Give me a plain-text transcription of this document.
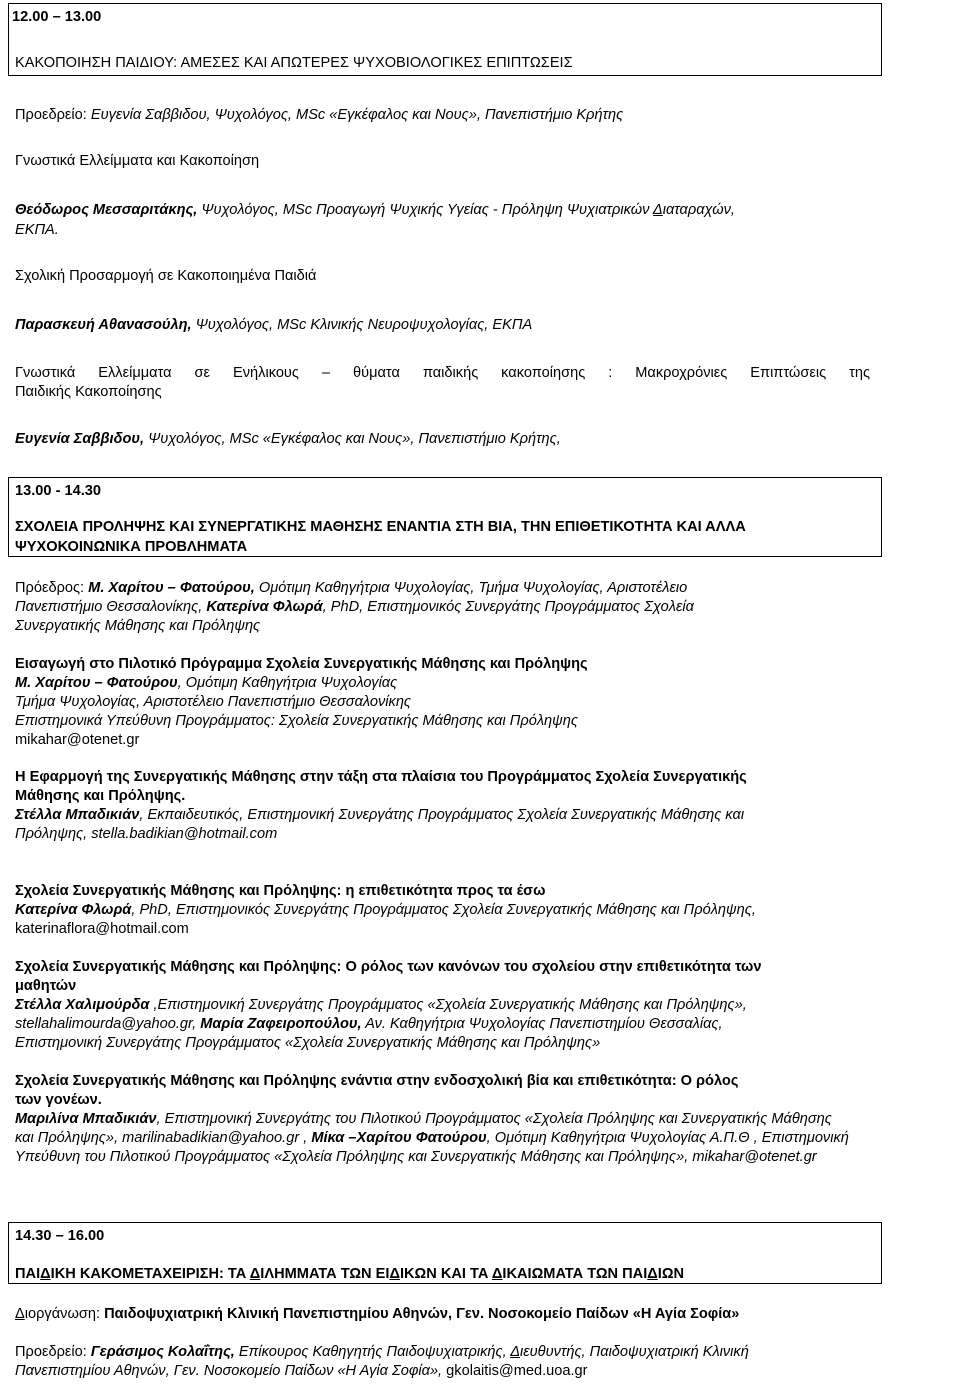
12.00 – 13.00
ΚΑΚΟΠΟΙΗΣΗ ΠΑΙΔΙΟΥ: ΑΜΕΣΕΣ ΚΑΙ ΑΠΩΤΕΡΕΣ ΨΥΧΟΒΙΟΛΟΓΙΚΕΣ ΕΠΙΠΤΩΣΕΙΣ
Προεδρείο: Ευγενία Σαββιδου, Ψυχολόγος, MSc «Εγκέφαλος και Νους», Πανεπιστήμιο Κρήτης
Γνωστικά Ελλείμματα και Κακοποίηση
Θεόδωρος Μεσσαριτάκης, Ψυχολόγος, MSc Προαγωγή Ψυχικής Υγείας - Πρόληψη Ψυχιατρικών Διαταραχών,
ΕΚΠΑ.
Σχολική Προσαρμογή σε Κακοποιημένα Παιδιά
Παρασκευή Αθανασούλη, Ψυχολόγος, MSc Κλινικής Νευροψυχολογίας, ΕΚΠΑ
Γνωστικά Ελλείμματα σε Ενήλικους – θύματα παιδικής κακοποίησης : Μακροχρόνιες Επιπτώσεις της
Παιδικής Κακοποίησης
Ευγενία Σαββιδου, Ψυχολόγος, MSc «Εγκέφαλος και Νους», Πανεπιστήμιο Κρήτης,
13.00 - 14.30
ΣΧΟΛΕΙΑ ΠΡΟΛΗΨΗΣ ΚΑΙ ΣΥΝΕΡΓΑΤΙΚΗΣ ΜΑΘΗΣΗΣ ΕΝΑΝΤΙΑ ΣΤΗ ΒΙΑ, ΤΗΝ ΕΠΙΘΕΤΙΚΟΤΗΤΑ ΚΑΙ ΑΛΛΑ
ΨΥΧΟΚΟΙΝΩΝΙΚΑ ΠΡΟΒΛΗΜΑΤΑ
Πρόεδρος: Μ. Χαρίτου – Φατούρου, Ομότιμη Καθηγήτρια Ψυχολογίας, Τμήμα Ψυχολογίας, Αριστοτέλειο
Πανεπιστήμιο Θεσσαλονίκης, Κατερίνα Φλωρά, PhD, Επιστημονικός Συνεργάτης Προγράμματος Σχολεία
Συνεργατικής Μάθησης και Πρόληψης
Εισαγωγή στο Πιλοτικό Πρόγραμμα Σχολεία Συνεργατικής Μάθησης και Πρόληψης
Μ. Χαρίτου – Φατούρου, Ομότιμη Καθηγήτρια Ψυχολογίας
Τμήμα Ψυχολογίας, Αριστοτέλειο Πανεπιστήμιο Θεσσαλονίκης
Επιστημονικά Υπεύθυνη Προγράμματος: Σχολεία Συνεργατικής Μάθησης και Πρόληψης
mikahar@otenet.gr
Η Εφαρμογή της Συνεργατικής Μάθησης στην τάξη στα πλαίσια του Προγράμματος Σχολεία Συνεργατικής
Μάθησης και Πρόληψης.
Στέλλα Μπαδικιάν, Εκπαιδευτικός, Επιστημονική Συνεργάτης Προγράμματος Σχολεία Συνεργατικής Μάθησης και
Πρόληψης, stella.badikian@hotmail.com
Σχολεία Συνεργατικής Μάθησης και Πρόληψης: η επιθετικότητα προς τα έσω
Κατερίνα Φλωρά, PhD, Επιστημονικός Συνεργάτης Προγράμματος Σχολεία Συνεργατικής Μάθησης και Πρόληψης,
katerinaflora@hotmail.com
Σχολεία Συνεργατικής Μάθησης και Πρόληψης: Ο ρόλος των κανόνων του σχολείου στην επιθετικότητα των
μαθητών
Στέλλα Χαλιμούρδα ,Επιστημονική Συνεργάτης Προγράμματος «Σχολεία Συνεργατικής Μάθησης και Πρόληψης»,
stellahalimourda@yahoo.gr, Μαρία Ζαφειροπούλου, Αν. Καθηγήτρια Ψυχολογίας Πανεπιστημίου Θεσσαλίας,
Επιστημονική Συνεργάτης Προγράμματος «Σχολεία Συνεργατικής Μάθησης και Πρόληψης»
Σχολεία Συνεργατικής Μάθησης και Πρόληψης ενάντια στην ενδοσχολική βία και επιθετικότητα: Ο ρόλος
των γονέων.
Μαριλίνα Μπαδικιάν, Επιστημονική Συνεργάτης του Πιλοτικού Προγράμματος «Σχολεία Πρόληψης και Συνεργατικής Μάθησης
και Πρόληψης», marilinabadikian@yahoo.gr , Μίκα –Χαρίτου Φατούρου, Ομότιμη Καθηγήτρια Ψυχολογίας Α.Π.Θ , Επιστημονική
Υπεύθυνη του Πιλοτικού Προγράμματος «Σχολεία Πρόληψης και Συνεργατικής Μάθησης και Πρόληψης», mikahar@otenet.gr
14.30 – 16.00
ΠΑΙΔΙΚΗ ΚΑΚΟΜΕΤΑΧΕΙΡΙΣΗ: ΤΑ ΔΙΛΗΜΜΑΤΑ ΤΩΝ ΕΙΔΙΚΩΝ ΚΑΙ ΤΑ ΔΙΚΑΙΩΜΑΤΑ ΤΩΝ ΠΑΙΔΙΩΝ
Διοργάνωση: Παιδοψυχιατρική Κλινική Πανεπιστημίου Αθηνών, Γεν. Νοσοκομείο Παίδων «Η Αγία Σοφία»
Προεδρείο: Γεράσιμος Κολαΐτης, Επίκουρος Καθηγητής Παιδοψυχιατρικής, Διευθυντής, Παιδοψυχιατρική Κλινική
Πανεπιστημίου Αθηνών, Γεν. Νοσοκομείο Παίδων «Η Αγία Σοφία», gkolaitis@med.uoa.gr
